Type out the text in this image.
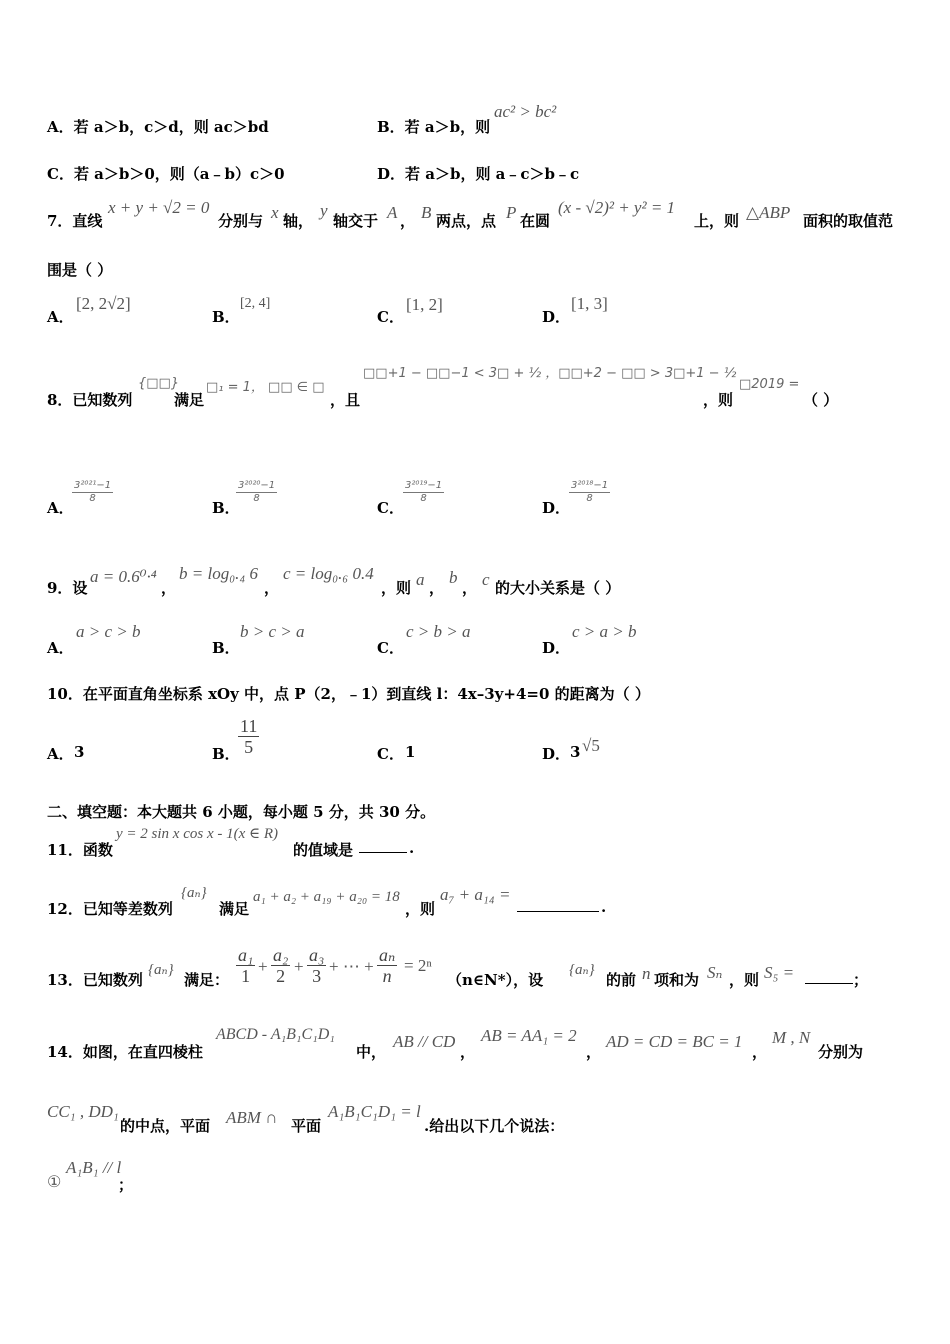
A．若 a＞b，c＞d，则 ac＞bd	B．若 a＞b，则
ac² > bc²
C．若 a＞b＞0，则（a﹣b）c＞0	D．若 a＞b，则 a﹣c＞b﹣c
7．直线
x + y + √2 = 0
分别与 x 轴，
y
轴交于 A ， B 两点，点 P 在圆
(x - √2)² + y² = 1
上，则 △ABP 面积的取值范
围是（ ）
A．
[2, 2√2]
B．
[2, 4]
C．
[1, 2]
D．
[1, 3]
8．已知数列
{□□}
满足
□₁ = 1， □□ ∈ □
，且
□□+1 − □□−1 < 3□ + ½ ，□□+2 − □□ > 3□+1 − ½
，则
□2019 =
（ ）
A．
$\frac{\text{3²⁰²¹−1}}{8}$
B．
$\frac{\text{3²⁰²⁰−1}}{8}$
C．
$\frac{\text{3²⁰¹⁹−1}}{8}$
D．
$\frac{\text{3²⁰¹⁸−1}}{8}$
9．设
a = 0.6⁰·⁴
，
b = log₀.₄ 6
，
c = log₀.₆ 0.4
，则 a ，
b
， c 的大小关系是（ ）
A．
a > c > b
B．
b > c > a
C．
c > b > a
D．
c > a > b
10．在平面直角坐标系 xOy 中，点 P（2，﹣1）到直线 l：4x–3y+4=0 的距离为（ ）
A． 3	B．
$\frac{11}{5}$	C． 1	D． 3 √5
二、填空题：本大题共 6 小题，每小题 5 分，共 30 分。
11．函数
y = 2 sin x cos x - 1(x ∈ R)
的值域是	.
12．已知等差数列
{aₙ}
满足
a₁ + a₂ + a₁₉ + a₂₀ = 18
，则
a₇ + a₁₄ =
.
13．已知数列
{aₙ}
满足： $\frac{\text{a₁}}{1} + \frac{\text{a₂}}{2} + \frac{\text{a₃}}{3}$ + ⋯ + $\frac{\text{aₙ}}{n} = 2^n$
（n∈N*），设
{aₙ}
的前 n 项和为 Sₙ ，则 S₅ =	；
14．如图，在直四棱柱
ABCD - A₁B₁C₁D₁
中，
AB // CD
，
AB = AA₁ = 2
，
AD = CD = BC = 1
，
M , N
分别为
CC₁ , DD₁
的中点，平面 ABM ∩ 平面
A₁B₁C₁D₁ = l
.给出以下几个说法：
①
A₁B₁ // l
；
